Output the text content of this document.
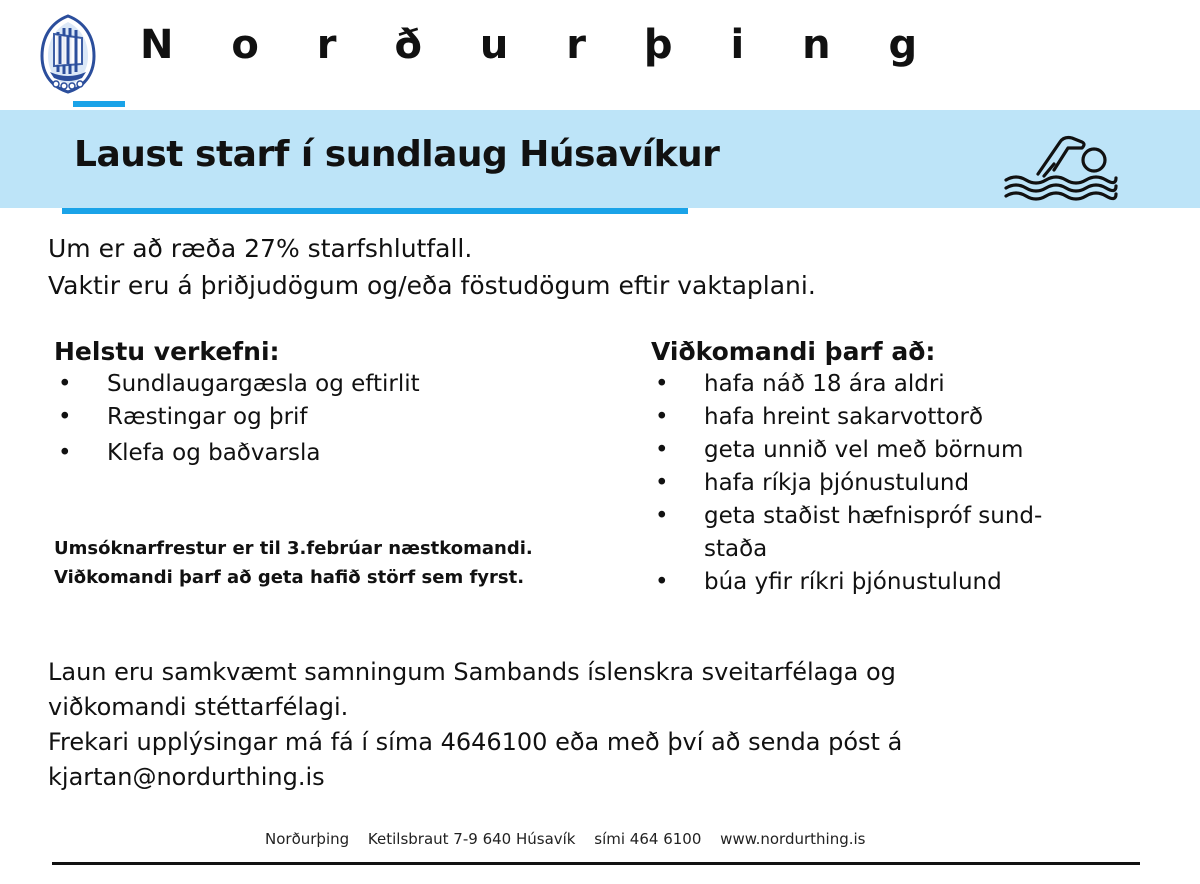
N o r ð u r þ i n g
Laust starf í sundlaug Húsavíkur
Um er að ræða 27% starfshlutfall.
Vaktir eru á þriðjudögum og/eða föstudögum eftir vaktaplani.
Helstu verkefni:
• Sundlaugargæsla og eftirlit
• Ræstingar og þrif
• Klefa og baðvarsla
Viðkomandi þarf að:
• hafa náð 18 ára aldri
• hafa hreint sakarvottorð
• geta unnið vel með börnum
• hafa ríkja þjónustulund
• geta staðist hæfnispróf sund-staða
• búa yfir ríkri þjónustulund
Umsóknarfrestur er til 3.febrúar næstkomandi.
Viðkomandi þarf að geta hafið störf sem fyrst.
Laun eru samkvæmt samningum Sambands íslenskra sveitarfélaga og
viðkomandi stéttarfélagi.
Frekari upplýsingar má fá í síma 4646100 eða með því að senda póst á
kjartan@nordurthing.is
Norðurþing Ketilsbraut 7-9 640 Húsavík sími 464 6100 www.nordurthing.is
